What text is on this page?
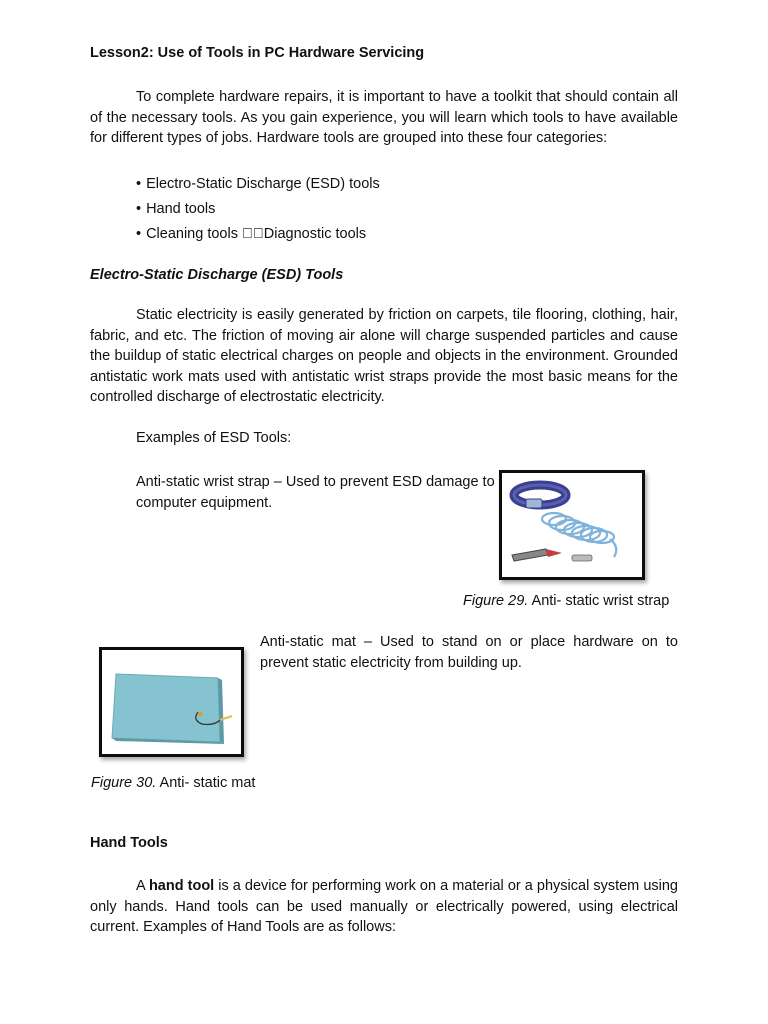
Lesson2: Use of Tools in PC Hardware Servicing
To complete hardware repairs, it is important to have a toolkit that should contain all of the necessary tools. As you gain experience, you will learn which tools to have available for different types of jobs. Hardware tools are grouped into these four categories:
• Electro-Static Discharge (ESD) tools
• Hand tools
• Cleaning tools   Diagnostic tools
Electro-Static Discharge (ESD) Tools
Static electricity is easily generated by friction on carpets, tile flooring, clothing, hair, fabric, and etc. The friction of moving air alone will charge suspended particles and cause the buildup of static electrical charges on people and objects in the environment. Grounded antistatic work mats used with antistatic wrist straps provide the most basic means for the controlled discharge of electrostatic electricity.
Examples of ESD Tools:
Anti-static wrist strap – Used to prevent ESD damage to computer equipment.
Figure 29. Anti- static wrist strap
Anti-static mat – Used to stand on or place hardware on to prevent static electricity from building up.
Figure 30. Anti- static mat
Hand Tools
A hand tool is a device for performing work on a material or a physical system using only hands. Hand tools can be used manually or electrically powered, using electrical current. Examples of Hand Tools are as follows:
